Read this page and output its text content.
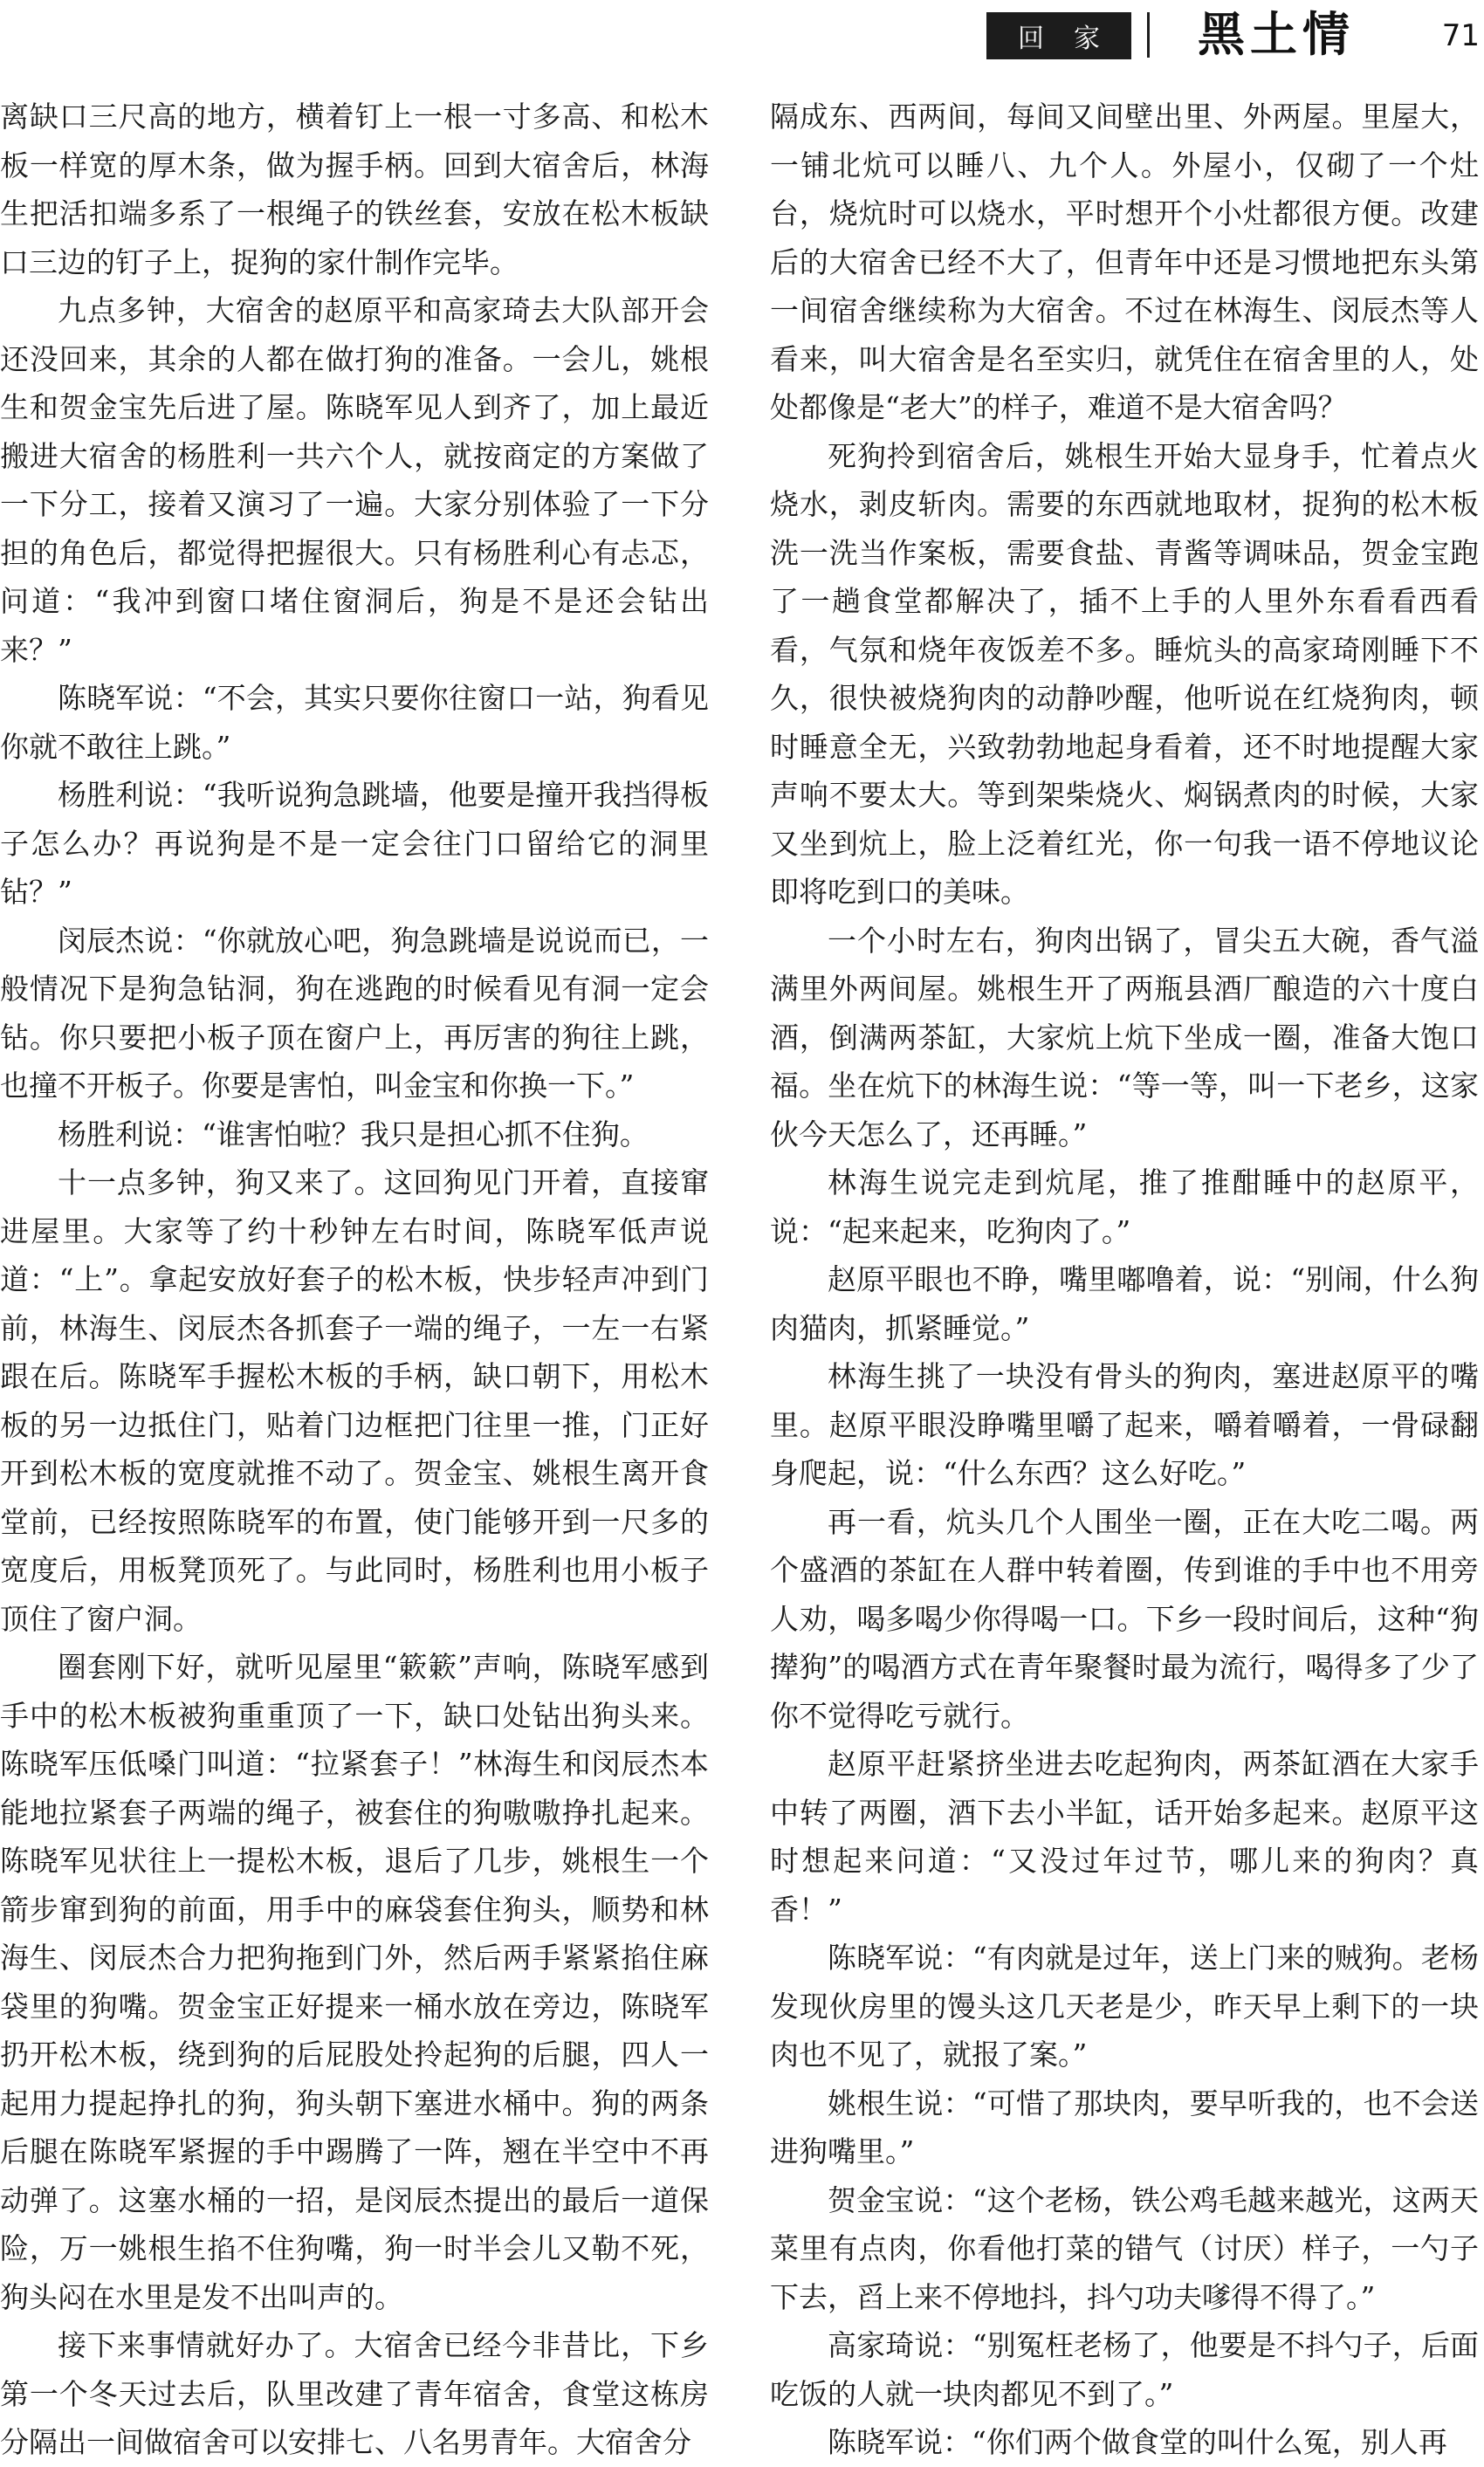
回家 黑土情	71

离缺口三尺高的地方，横着钉上一根一寸多高、和松木板一样宽的厚木条，做为握手柄。回到大宿舍后，林海生把活扣端多系了一根绳子的铁丝套，安放在松木板缺口三边的钉子上，捉狗的家什制作完毕。

九点多钟，大宿舍的赵原平和高家琦去大队部开会还没回来，其余的人都在做打狗的准备。一会儿，姚根生和贺金宝先后进了屋。陈晓军见人到齐了，加上最近搬进大宿舍的杨胜利一共六个人，就按商定的方案做了一下分工，接着又演习了一遍。大家分别体验了一下分担的角色后，都觉得把握很大。只有杨胜利心有忐忑，问道：“我冲到窗口堵住窗洞后，狗是不是还会钻出来？”

陈晓军说：“不会，其实只要你往窗口一站，狗看见你就不敢往上跳。”

杨胜利说：“我听说狗急跳墙，他要是撞开我挡得板子怎么办？再说狗是不是一定会往门口留给它的洞里钻？”

闵辰杰说：“你就放心吧，狗急跳墙是说说而已，一般情况下是狗急钻洞，狗在逃跑的时候看见有洞一定会钻。你只要把小板子顶在窗户上，再厉害的狗往上跳，也撞不开板子。你要是害怕，叫金宝和你换一下。”

杨胜利说：“谁害怕啦？我只是担心抓不住狗。

十一点多钟，狗又来了。这回狗见门开着，直接窜进屋里。大家等了约十秒钟左右时间，陈晓军低声说道：“上”。拿起安放好套子的松木板，快步轻声冲到门前，林海生、闵辰杰各抓套子一端的绳子，一左一右紧跟在后。陈晓军手握松木板的手柄，缺口朝下，用松木板的另一边抵住门，贴着门边框把门往里一推，门正好开到松木板的宽度就推不动了。贺金宝、姚根生离开食堂前，已经按照陈晓军的布置，使门能够开到一尺多的宽度后，用板凳顶死了。与此同时，杨胜利也用小板子顶住了窗户洞。

圈套刚下好，就听见屋里“簌簌”声响，陈晓军感到手中的松木板被狗重重顶了一下，缺口处钻出狗头来。陈晓军压低嗓门叫道：“拉紧套子！”林海生和闵辰杰本能地拉紧套子两端的绳子，被套住的狗嗷嗷挣扎起来。陈晓军见状往上一提松木板，退后了几步，姚根生一个箭步窜到狗的前面，用手中的麻袋套住狗头，顺势和林海生、闵辰杰合力把狗拖到门外，然后两手紧紧掐住麻袋里的狗嘴。贺金宝正好提来一桶水放在旁边，陈晓军扔开松木板，绕到狗的后屁股处拎起狗的后腿，四人一起用力提起挣扎的狗，狗头朝下塞进水桶中。狗的两条后腿在陈晓军紧握的手中踢腾了一阵，翘在半空中不再动弹了。这塞水桶的一招，是闵辰杰提出的最后一道保险，万一姚根生掐不住狗嘴，狗一时半会儿又勒不死，狗头闷在水里是发不出叫声的。

接下来事情就好办了。大宿舍已经今非昔比，下乡第一个冬天过去后，队里改建了青年宿舍，食堂这栋房分隔出一间做宿舍可以安排七、八名男青年。大宿舍分

隔成东、西两间，每间又间壁出里、外两屋。里屋大，一铺北炕可以睡八、九个人。外屋小，仅砌了一个灶台，烧炕时可以烧水，平时想开个小灶都很方便。改建后的大宿舍已经不大了，但青年中还是习惯地把东头第一间宿舍继续称为大宿舍。不过在林海生、闵辰杰等人看来，叫大宿舍是名至实归，就凭住在宿舍里的人，处处都像是“老大”的样子，难道不是大宿舍吗？

死狗拎到宿舍后，姚根生开始大显身手，忙着点火烧水，剥皮斩肉。需要的东西就地取材，捉狗的松木板洗一洗当作案板，需要食盐、青酱等调味品，贺金宝跑了一趟食堂都解决了，插不上手的人里外东看看西看看，气氛和烧年夜饭差不多。睡炕头的高家琦刚睡下不久，很快被烧狗肉的动静吵醒，他听说在红烧狗肉，顿时睡意全无，兴致勃勃地起身看着，还不时地提醒大家声响不要太大。等到架柴烧火、焖锅煮肉的时候，大家又坐到炕上，脸上泛着红光，你一句我一语不停地议论即将吃到口的美味。

一个小时左右，狗肉出锅了，冒尖五大碗，香气溢满里外两间屋。姚根生开了两瓶县酒厂酿造的六十度白酒，倒满两茶缸，大家炕上炕下坐成一圈，准备大饱口福。坐在炕下的林海生说：“等一等，叫一下老乡，这家伙今天怎么了，还再睡。”

林海生说完走到炕尾，推了推酣睡中的赵原平，说：“起来起来，吃狗肉了。”

赵原平眼也不睁，嘴里嘟噜着，说：“别闹，什么狗肉猫肉，抓紧睡觉。”

林海生挑了一块没有骨头的狗肉，塞进赵原平的嘴里。赵原平眼没睁嘴里嚼了起来，嚼着嚼着，一骨碌翻身爬起，说：“什么东西？这么好吃。”

再一看，炕头几个人围坐一圈，正在大吃二喝。两个盛酒的茶缸在人群中转着圈，传到谁的手中也不用旁人劝，喝多喝少你得喝一口。下乡一段时间后，这种“狗撵狗”的喝酒方式在青年聚餐时最为流行，喝得多了少了你不觉得吃亏就行。

赵原平赶紧挤坐进去吃起狗肉，两茶缸酒在大家手中转了两圈，酒下去小半缸，话开始多起来。赵原平这时想起来问道：“又没过年过节，哪儿来的狗肉？真香！”

陈晓军说：“有肉就是过年，送上门来的贼狗。老杨发现伙房里的馒头这几天老是少，昨天早上剩下的一块肉也不见了，就报了案。”

姚根生说：“可惜了那块肉，要早听我的，也不会送进狗嘴里。”

贺金宝说：“这个老杨，铁公鸡毛越来越光，这两天菜里有点肉，你看他打菜的错气（讨厌）样子，一勺子下去，舀上来不停地抖，抖勺功夫嗲得不得了。”

高家琦说：“别冤枉老杨了，他要是不抖勺子，后面吃饭的人就一块肉都见不到了。”

陈晓军说：“你们两个做食堂的叫什么冤，别人再
